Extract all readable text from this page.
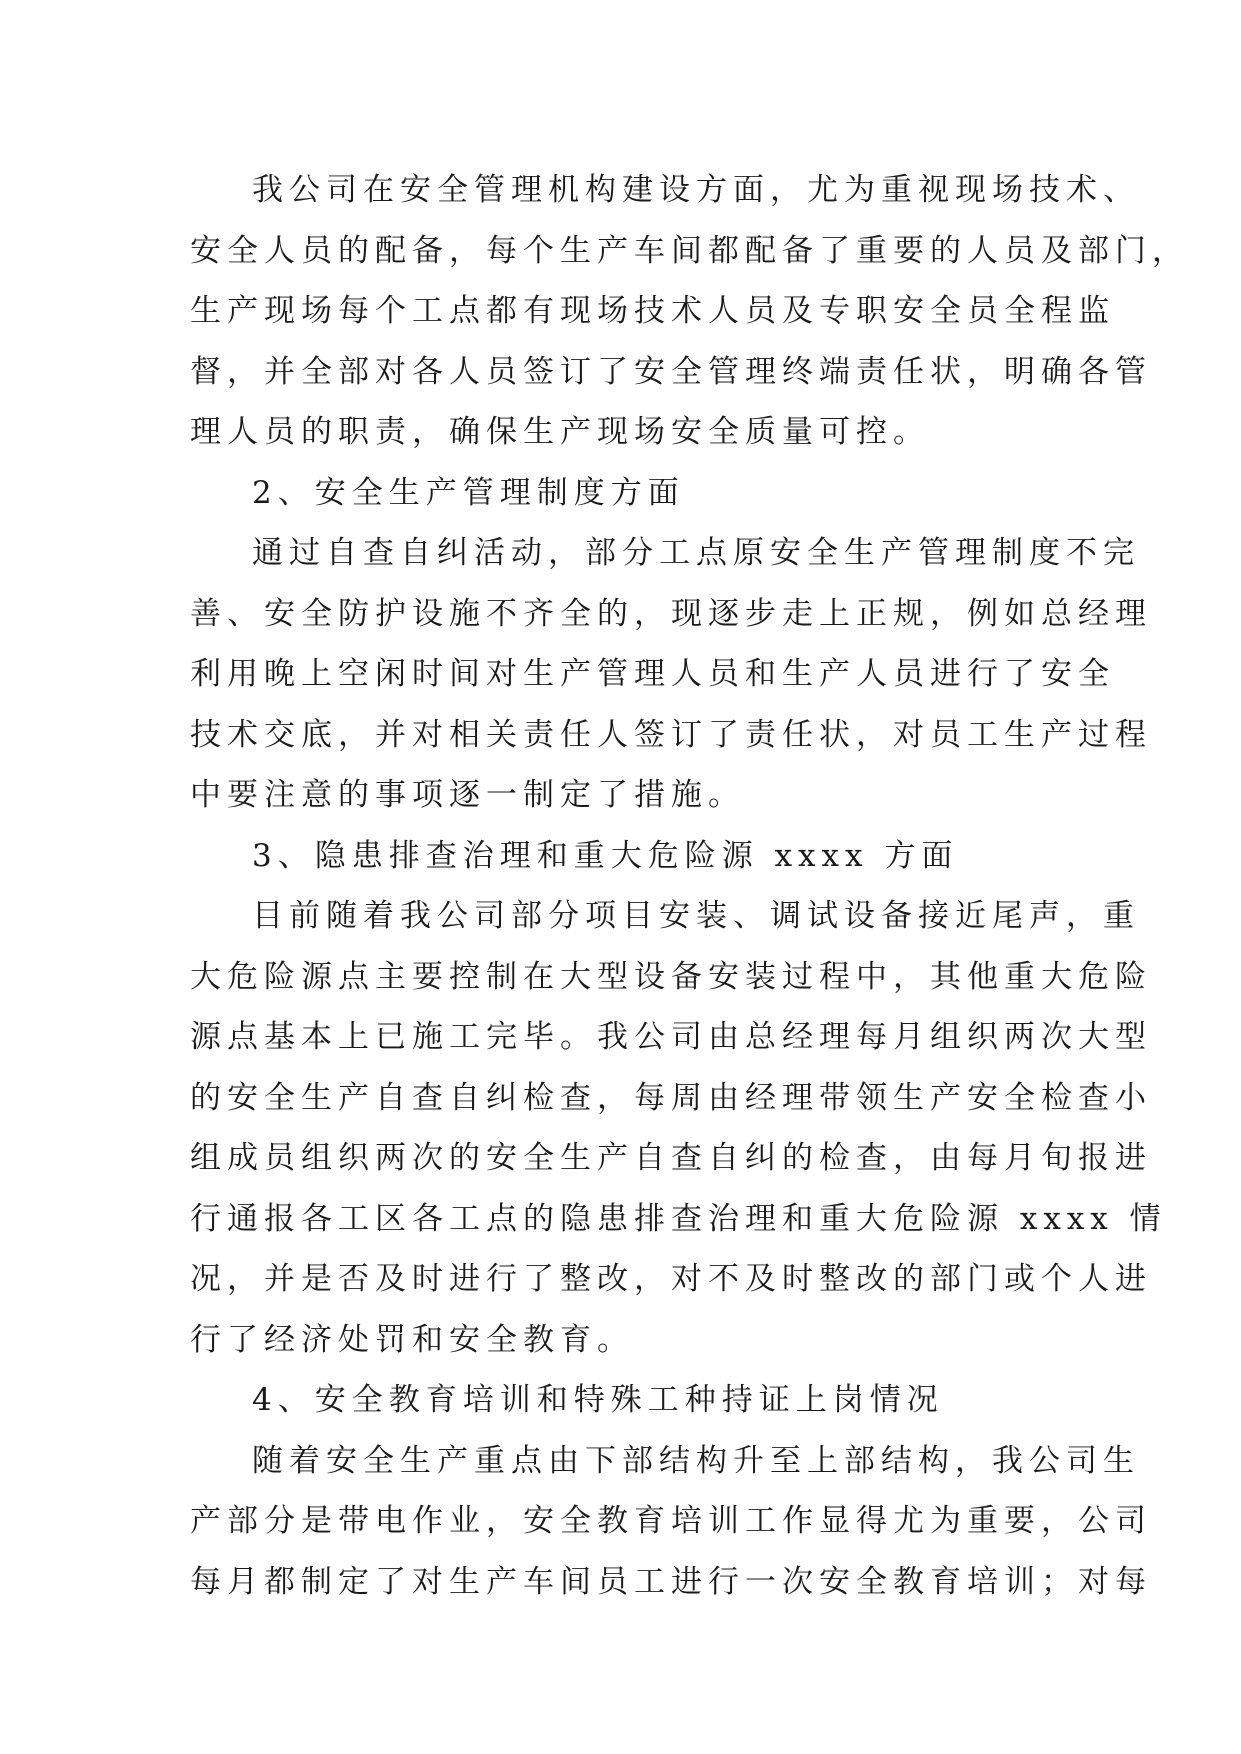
我公司在安全管理机构建设方面，尤为重视现场技术、
安全人员的配备，每个生产车间都配备了重要的人员及部门，
生产现场每个工点都有现场技术人员及专职安全员全程监
督，并全部对各人员签订了安全管理终端责任状，明确各管
理人员的职责，确保生产现场安全质量可控。
2、安全生产管理制度方面
通过自查自纠活动，部分工点原安全生产管理制度不完
善、安全防护设施不齐全的，现逐步走上正规，例如总经理
利用晚上空闲时间对生产管理人员和生产人员进行了安全
技术交底，并对相关责任人签订了责任状，对员工生产过程
中要注意的事项逐一制定了措施。
3、隐患排查治理和重大危险源 xxxx 方面
目前随着我公司部分项目安装、调试设备接近尾声，重
大危险源点主要控制在大型设备安装过程中，其他重大危险
源点基本上已施工完毕。我公司由总经理每月组织两次大型
的安全生产自查自纠检查，每周由经理带领生产安全检查小
组成员组织两次的安全生产自查自纠的检查，由每月旬报进
行通报各工区各工点的隐患排查治理和重大危险源 xxxx 情
况，并是否及时进行了整改，对不及时整改的部门或个人进
行了经济处罚和安全教育。
4、安全教育培训和特殊工种持证上岗情况
随着安全生产重点由下部结构升至上部结构，我公司生
产部分是带电作业，安全教育培训工作显得尤为重要，公司
每月都制定了对生产车间员工进行一次安全教育培训；对每
